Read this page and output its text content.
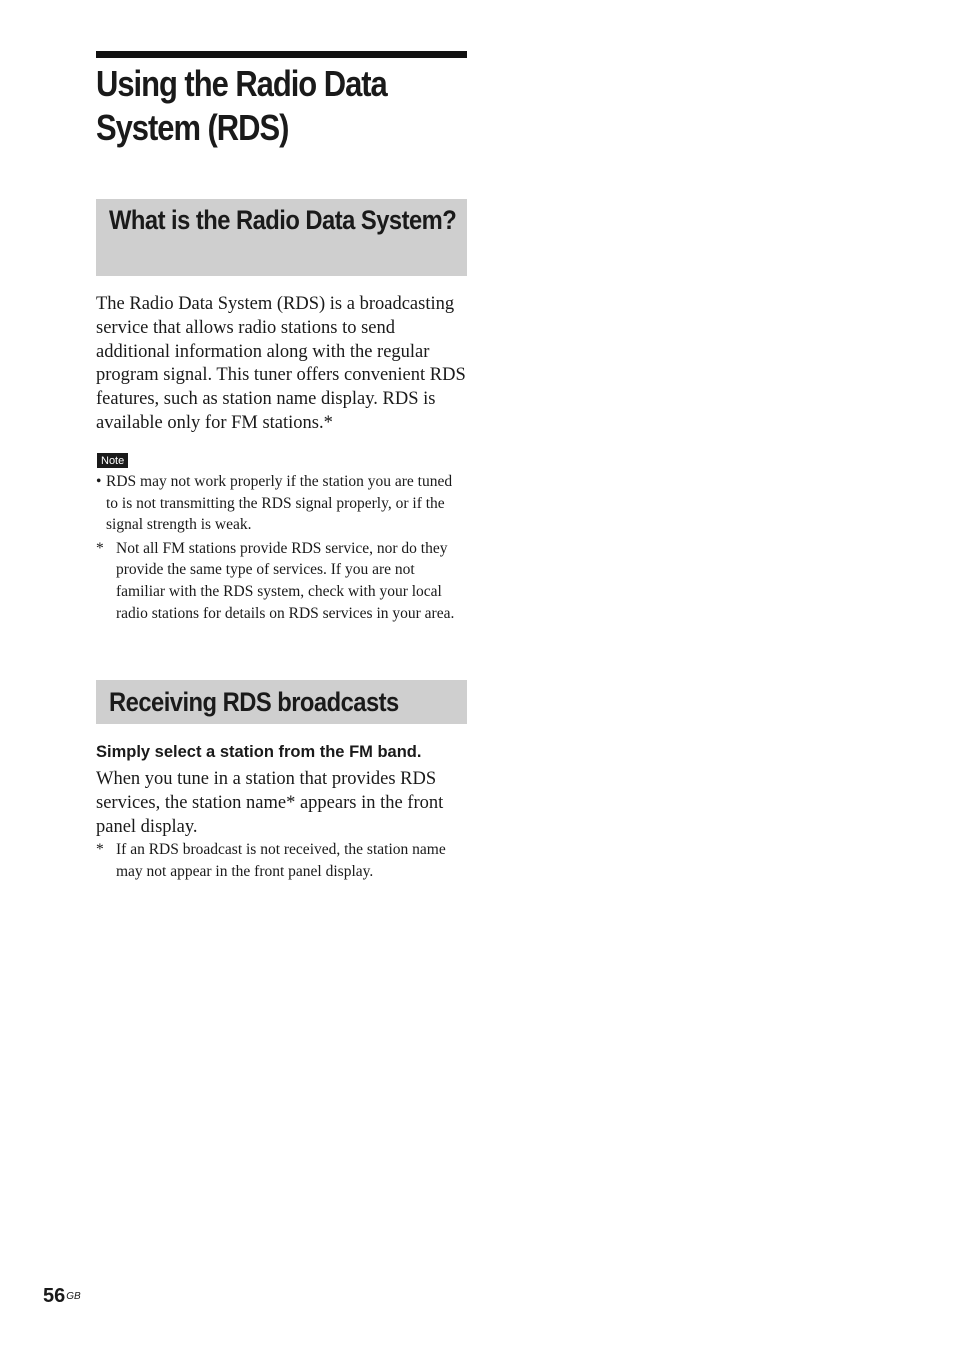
Using the Radio Data System (RDS)
What is the Radio Data System?

The Radio Data System (RDS) is a broadcasting service that allows radio stations to send additional information along with the regular program signal. This tuner offers convenient RDS features, such as station name display. RDS is available only for FM stations.*

Note
• RDS may not work properly if the station you are tuned to is not transmitting the RDS signal properly, or if the signal strength is weak.
* Not all FM stations provide RDS service, nor do they provide the same type of services. If you are not familiar with the RDS system, check with your local radio stations for details on RDS services in your area.
Receiving RDS broadcasts

Simply select a station from the FM band.

When you tune in a station that provides RDS services, the station name* appears in the front panel display.

* If an RDS broadcast is not received, the station name may not appear in the front panel display.
$56^{GB}$
